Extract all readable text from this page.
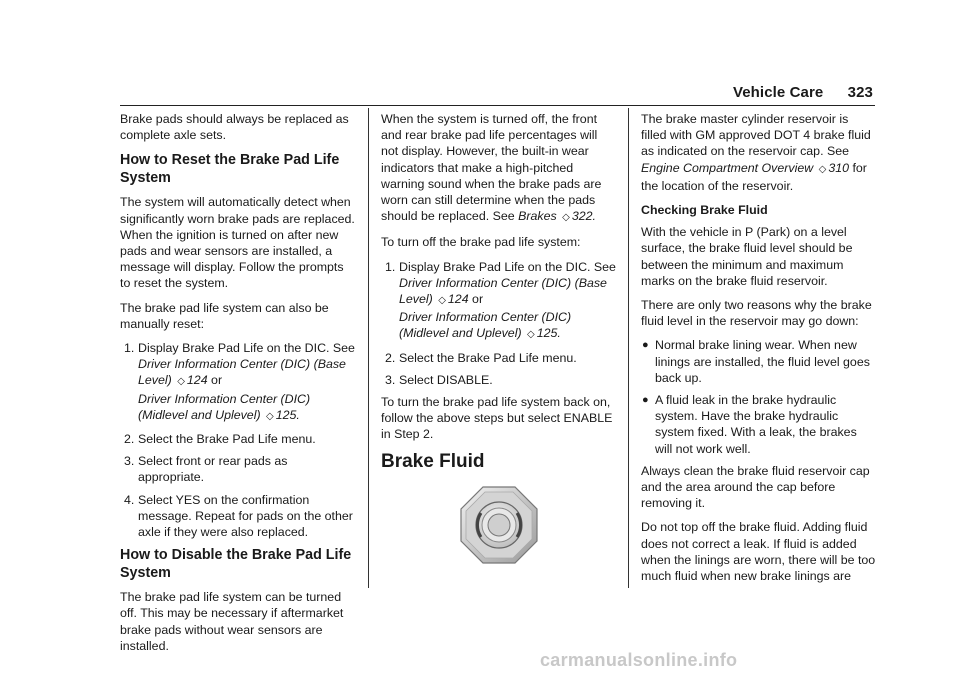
Vehicle Care 323

Brake pads should always be replaced as complete axle sets.

How to Reset the Brake Pad Life System

The system will automatically detect when significantly worn brake pads are replaced. When the ignition is turned on after new pads and wear sensors are installed, a message will display. Follow the prompts to reset the system.

The brake pad life system can also be manually reset:

1. Display Brake Pad Life on the DIC. See Driver Information Center (DIC) (Base Level) ◇ 124 or
Driver Information Center (DIC) (Midlevel and Uplevel) ◇ 125.
2. Select the Brake Pad Life menu.
3. Select front or rear pads as appropriate.
4. Select YES on the confirmation message. Repeat for pads on the other axle if they were also replaced.
How to Disable the Brake Pad Life System

The brake pad life system can be turned off. This may be necessary if aftermarket brake pads without wear sensors are installed.

When the system is turned off, the front and rear brake pad life percentages will not display. However, the built-in wear indicators that make a high-pitched warning sound when the brake pads are worn can still determine when the pads should be replaced. See Brakes ◇ 322.

To turn off the brake pad life system:

1. Display Brake Pad Life on the DIC. See
Driver Information Center (DIC) (Base Level) ◇ 124 or
Driver Information Center (DIC) (Midlevel and Uplevel) ◇ 125.
2. Select the Brake Pad Life menu.
3. Select DISABLE.

To turn the brake pad life system back on, follow the above steps but select ENABLE in Step 2.

Brake Fluid

The brake master cylinder reservoir is filled with GM approved DOT 4 brake fluid as indicated on the reservoir cap. See Engine Compartment Overview ◇ 310 for the location of the reservoir.

Checking Brake Fluid

With the vehicle in P (Park) on a level surface, the brake fluid level should be between the minimum and maximum marks on the brake fluid reservoir.

There are only two reasons why the brake fluid level in the reservoir may go down:

● Normal brake lining wear. When new linings are installed, the fluid level goes back up.
● A fluid leak in the brake hydraulic system. Have the brake hydraulic system fixed. With a leak, the brakes will not work well.

Always clean the brake fluid reservoir cap and the area around the cap before removing it.

Do not top off the brake fluid. Adding fluid does not correct a leak. If fluid is added when the linings are worn, there will be too much fluid when new brake linings are

carmanualsonline.info
